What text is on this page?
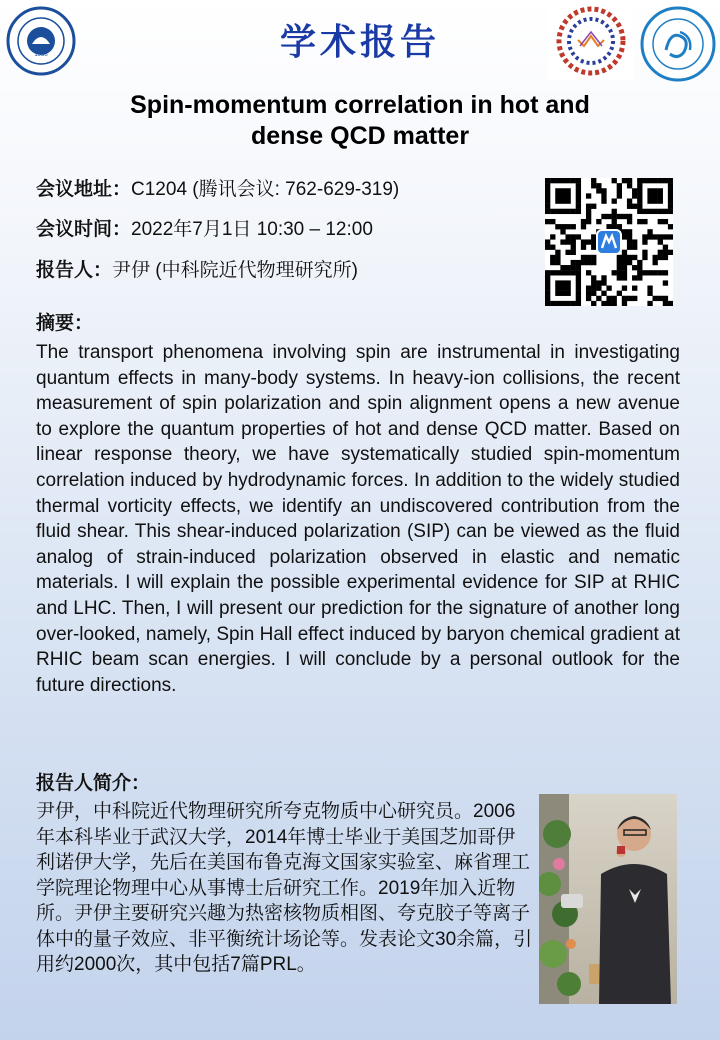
1958	学术报告
Spin-momentum correlation in hot and
dense QCD matter
会议地址：C1204 (腾讯会议: 762-629-319)
会议时间：2022年7月1日 10:30 – 12:00
报告人：尹伊 (中科院近代物理研究所)
摘要：

The transport phenomena involving spin are instrumental in investigating quantum effects in many-body systems. In heavy-ion collisions, the recent measurement of spin polarization and spin alignment opens a new avenue to explore the quantum properties of hot and dense QCD matter. Based on linear response theory, we have systematically studied spin-momentum correlation induced by hydrodynamic forces. In addition to the widely studied thermal vorticity effects, we identify an undiscovered contribution from the fluid shear. This shear-induced polarization (SIP) can be viewed as the fluid analog of strain-induced polarization observed in elastic and nematic materials. I will explain the possible experimental evidence for SIP at RHIC and LHC. Then, I will present our prediction for the signature of another long over-looked, namely, Spin Hall effect induced by baryon chemical gradient at RHIC beam scan energies. I will conclude by a personal outlook for the future directions.

报告人简介：

尹伊，中科院近代物理研究所夸克物质中心研究员。2006年本科毕业于武汉大学，2014年博士毕业于美国芝加哥伊利诺伊大学，先后在美国布鲁克海文国家实验室、麻省理工学院理论物理中心从事博士后研究工作。2019年加入近物所。尹伊主要研究兴趣为热密核物质相图、夸克胶子等离子体中的量子效应、非平衡统计场论等。发表论文30余篇，引用约2000次，其中包括7篇PRL。
